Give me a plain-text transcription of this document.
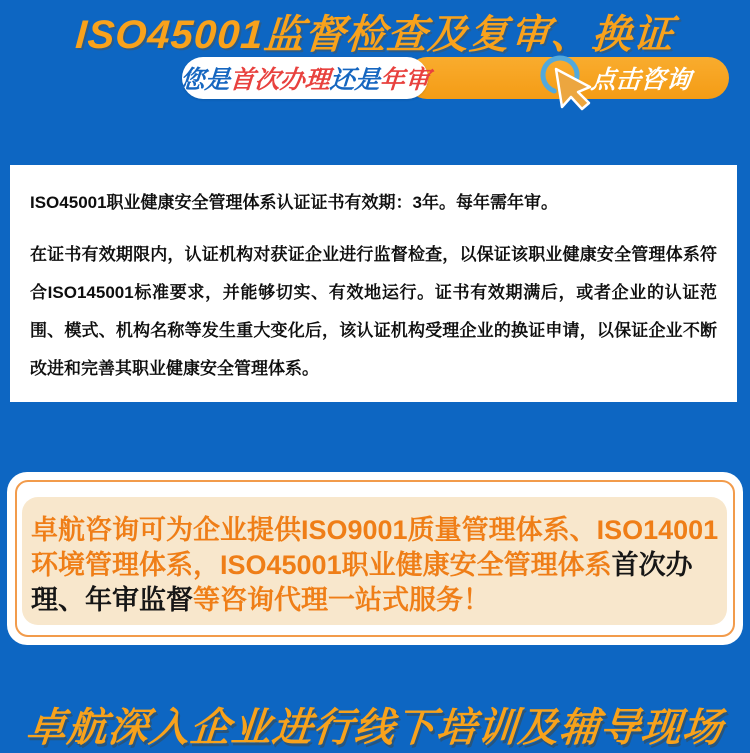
ISO45001监督检查及复审、换证
点击咨询
您是
首次办理
还是
年审
ISO45001职业健康安全管理体系认证证书有效期：3年。每年需年审。
在证书有效期限内，认证机构对获证企业进行监督检查，以保证该职业健康安全管理体系符合ISO145001标准要求，并能够切实、有效地运行。证书有效期满后，或者企业的认证范围、模式、机构名称等发生重大变化后，该认证机构受理企业的换证申请，以保证企业不断改进和完善其职业健康安全管理体系。

卓航咨询可为企业提供ISO9001质量管理体系、ISO14001环境管理体系，ISO45001职业健康安全管理体系首次办理、年审监督等咨询代理一站式服务！

卓航深入企业进行线下培训及辅导现场
